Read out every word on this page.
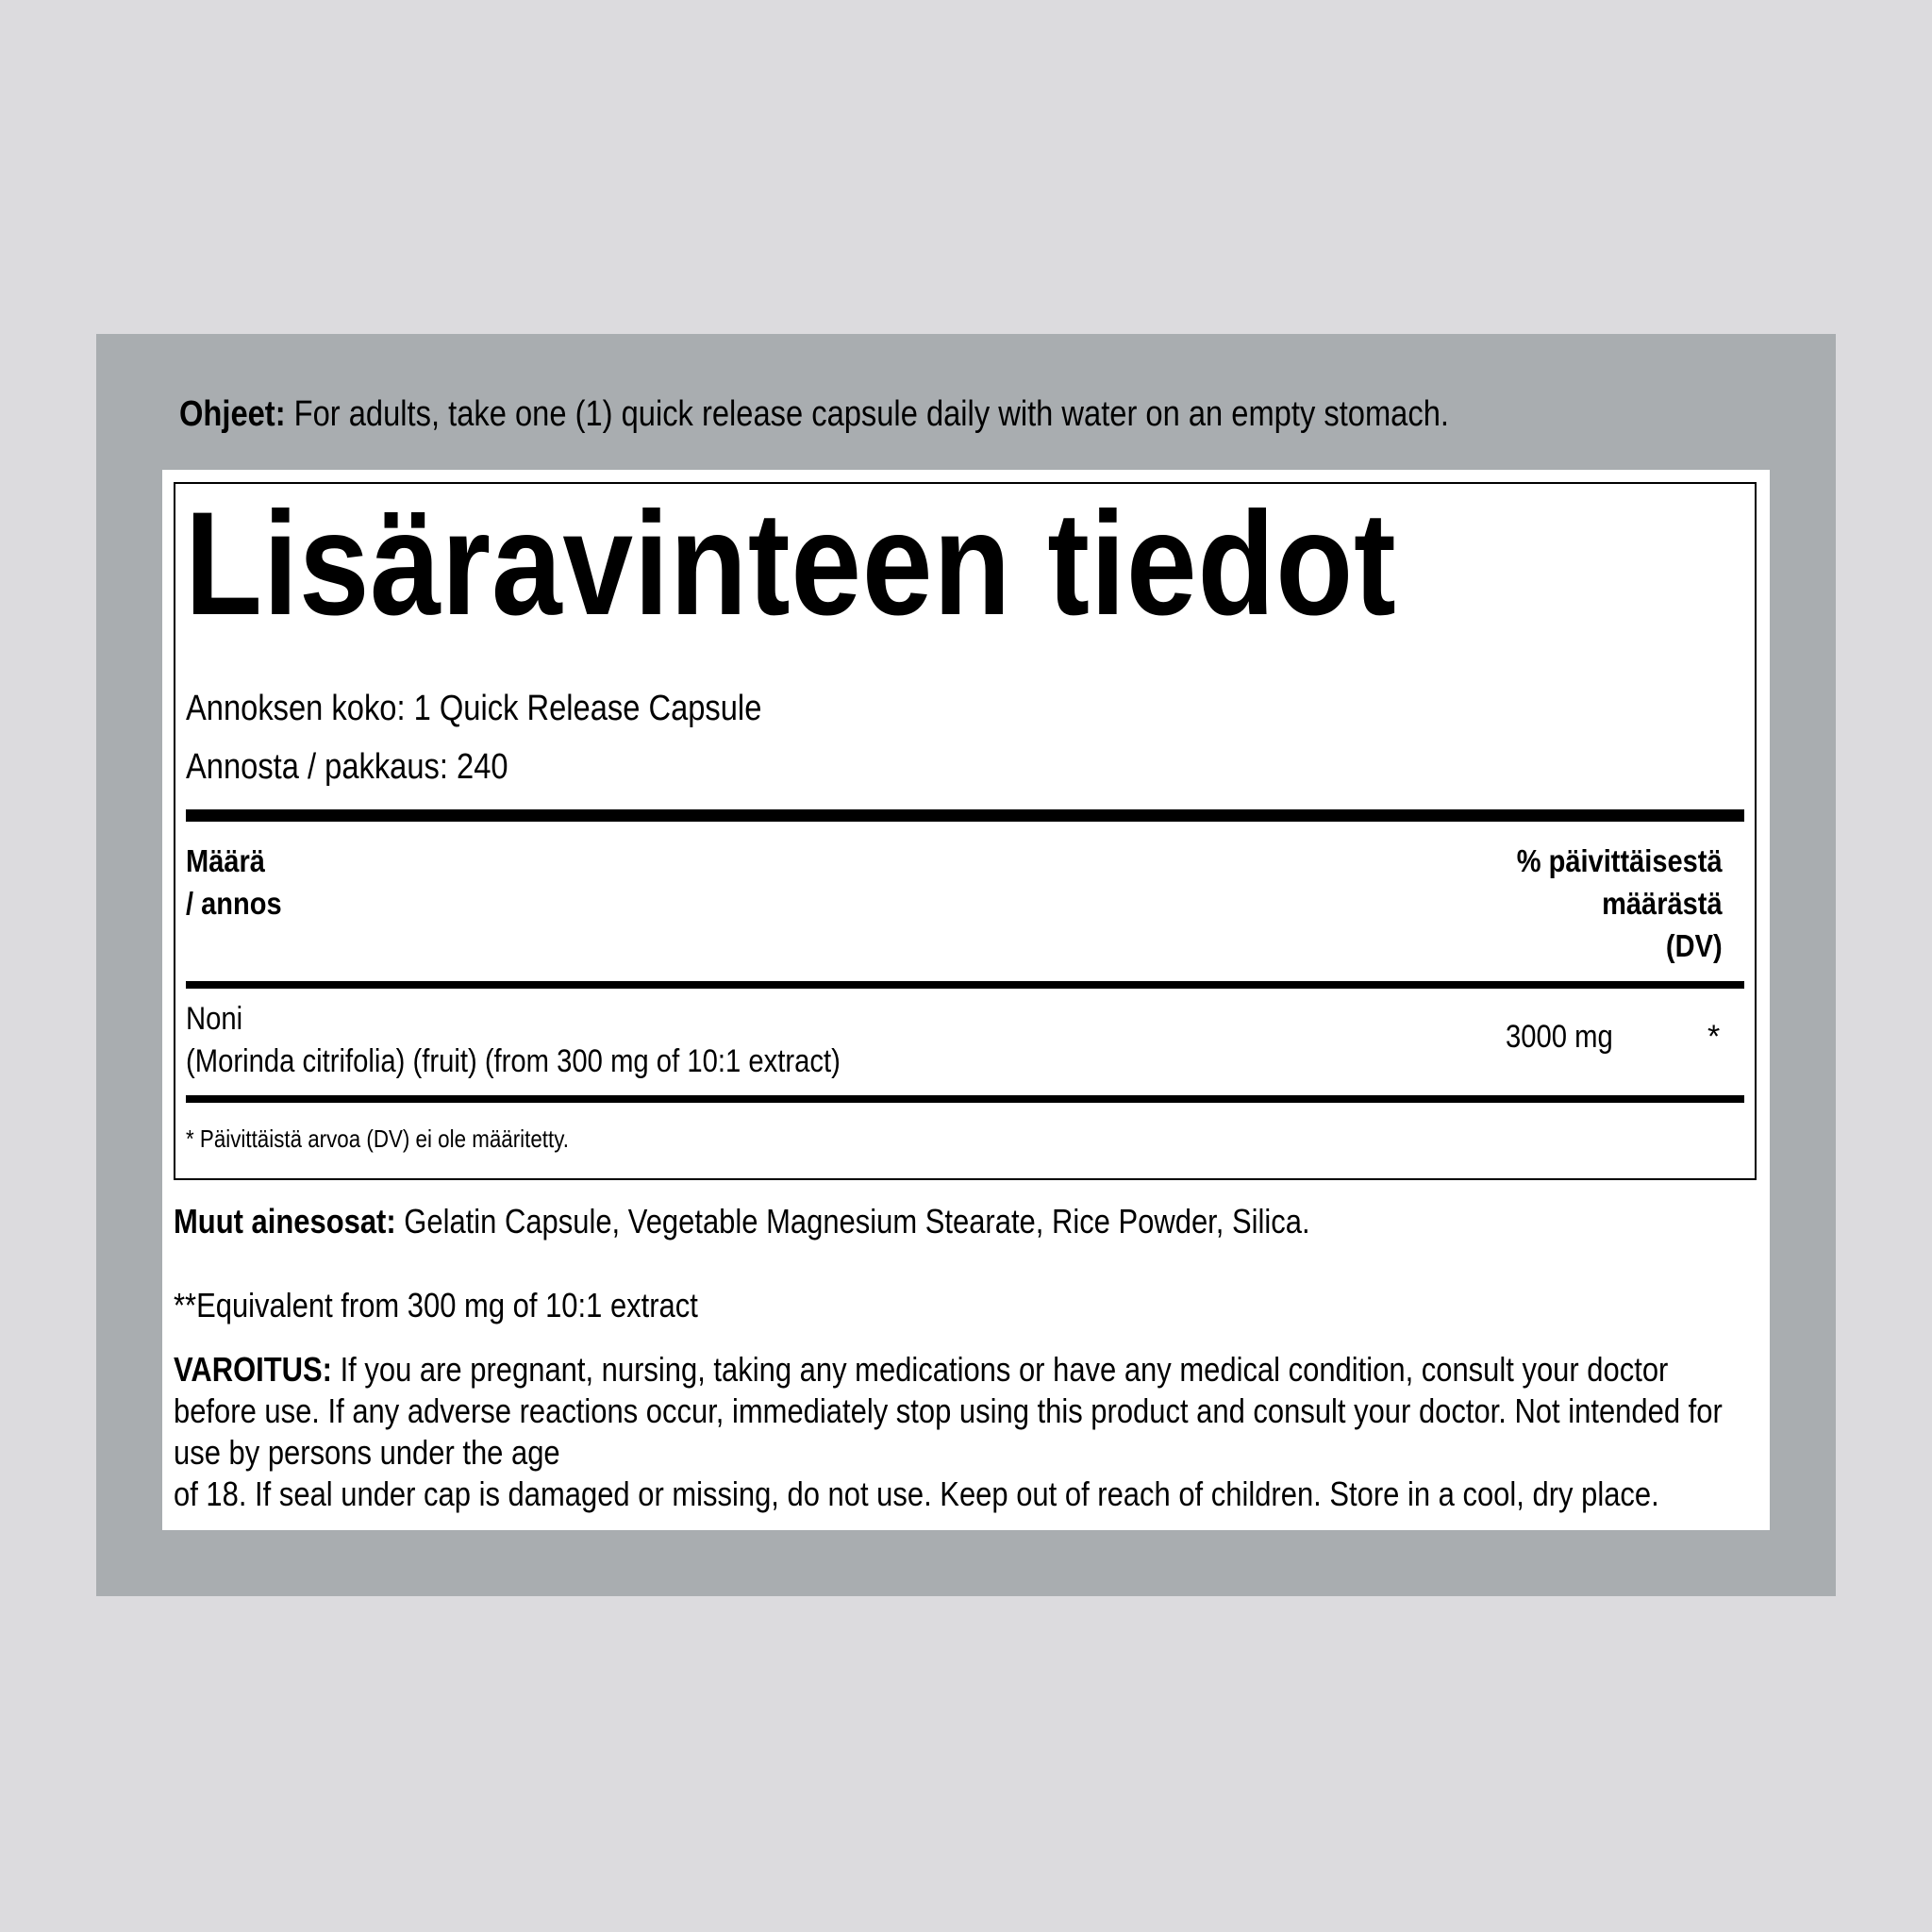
Ohjeet: For adults, take one (1) quick release capsule daily with water on an empty stomach.
Lisäravinteen tiedot
Annoksen koko: 1 Quick Release Capsule
Annosta / pakkaus: 240
Määrä
/ annos
% päivittäisestä
määrästä
(DV)
Noni
(Morinda citrifolia) (fruit) (from 300 mg of 10:1 extract)
3000 mg	*
* Päivittäistä arvoa (DV) ei ole määritetty.
Muut ainesosat: Gelatin Capsule, Vegetable Magnesium Stearate, Rice Powder, Silica.
**Equivalent from 300 mg of 10:1 extract
VAROITUS: If you are pregnant, nursing, taking any medications or have any medical condition, consult your doctor
before use. If any adverse reactions occur, immediately stop using this product and consult your doctor. Not intended for
use by persons under the age
of 18. If seal under cap is damaged or missing, do not use. Keep out of reach of children. Store in a cool, dry place.
